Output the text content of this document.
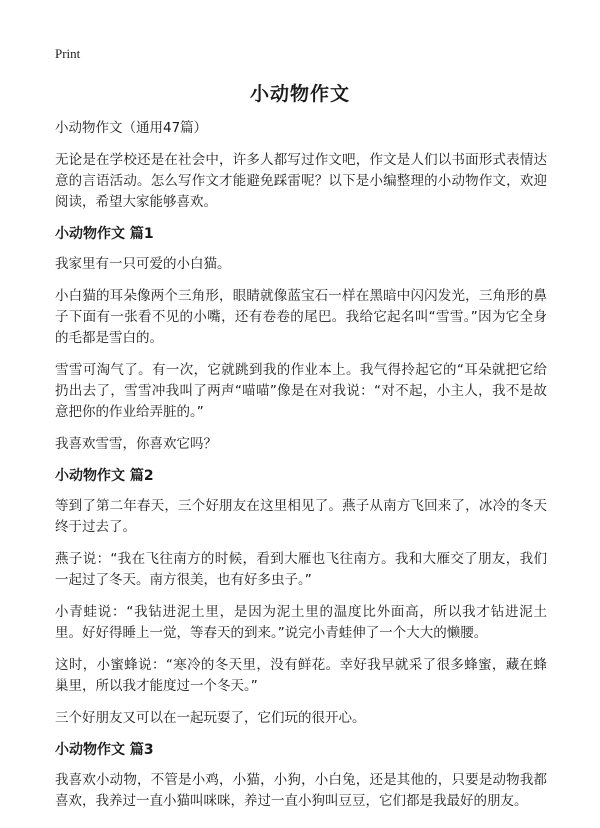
Print
小动物作文
小动物作文（通用47篇）

无论是在学校还是在社会中，许多人都写过作文吧，作文是人们以书面形式表情达意的言语活动。怎么写作文才能避免踩雷呢？以下是小编整理的小动物作文，欢迎阅读，希望大家能够喜欢。

小动物作文 篇1

我家里有一只可爱的小白猫。

小白猫的耳朵像两个三角形，眼睛就像蓝宝石一样在黑暗中闪闪发光，三角形的鼻子下面有一张看不见的小嘴，还有卷卷的尾巴。我给它起名叫“雪雪。”因为它全身的毛都是雪白的。

雪雪可淘气了。有一次，它就跳到我的作业本上。我气得拎起它的“耳朵就把它给扔出去了，雪雪冲我叫了两声“喵喵”像是在对我说：“对不起，小主人，我不是故意把你的作业给弄脏的。”

我喜欢雪雪，你喜欢它吗？

小动物作文 篇2

等到了第二年春天，三个好朋友在这里相见了。燕子从南方飞回来了，冰冷的冬天终于过去了。

燕子说：“我在飞往南方的时候，看到大雁也飞往南方。我和大雁交了朋友，我们一起过了冬天。南方很美，也有好多虫子。”

小青蛙说：“我钻进泥土里，是因为泥土里的温度比外面高，所以我才钻进泥土里。好好得睡上一觉，等春天的到来。”说完小青蛙伸了一个大大的懒腰。

这时，小蜜蜂说：“寒冷的冬天里，没有鲜花。幸好我早就采了很多蜂蜜，藏在蜂巢里，所以我才能度过一个冬天。”

三个好朋友又可以在一起玩耍了，它们玩的很开心。

小动物作文 篇3

我喜欢小动物，不管是小鸡，小猫，小狗，小白兔，还是其他的，只要是动物我都喜欢，我养过一直小猫叫咪咪，养过一直小狗叫豆豆，它们都是我最好的朋友。
